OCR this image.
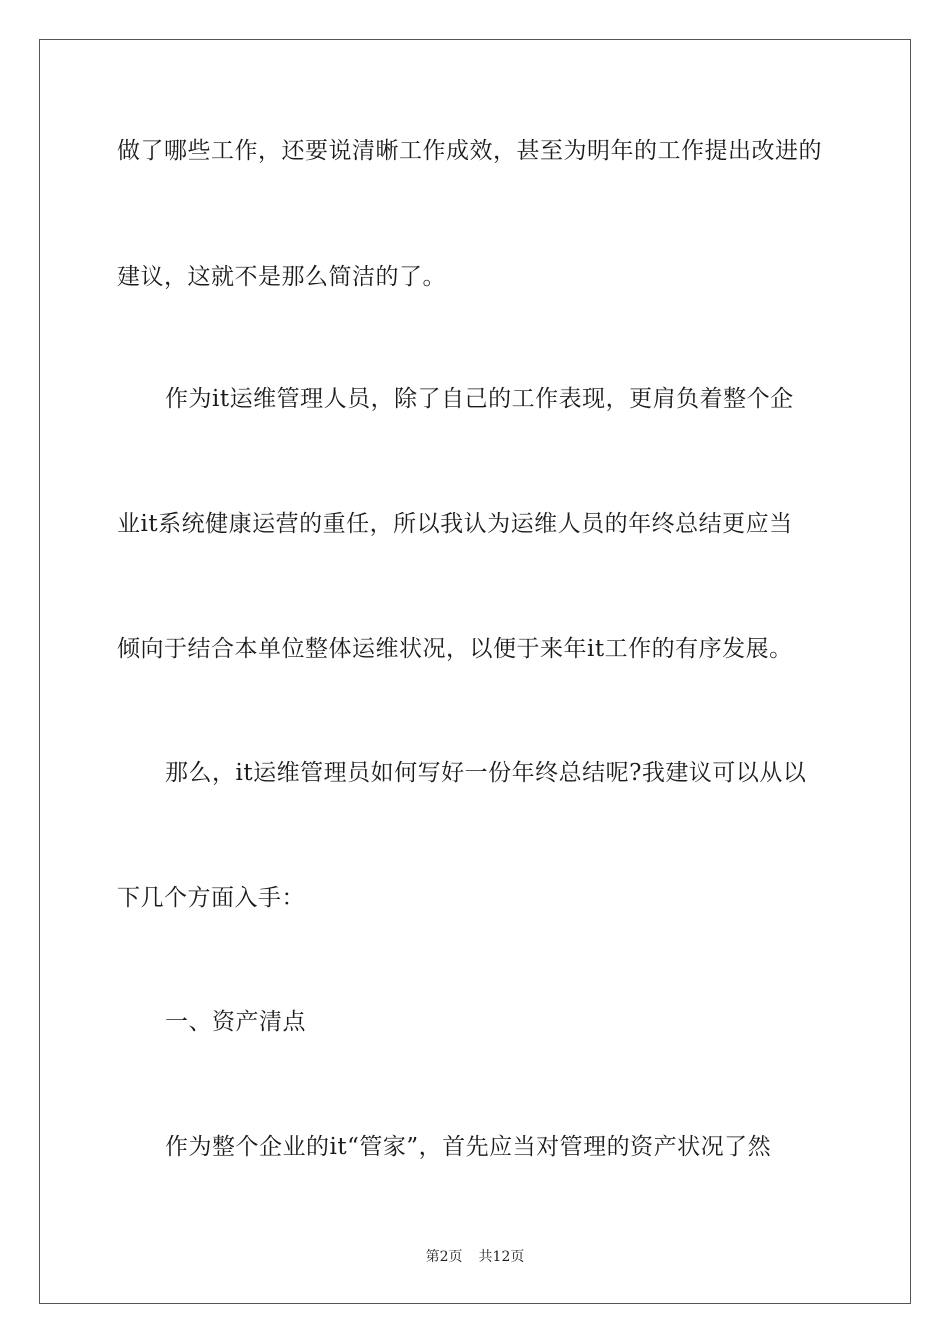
做了哪些工作，还要说清晰工作成效，甚至为明年的工作提出改进的
建议，这就不是那么简洁的了。
作为it运维管理人员，除了自己的工作表现，更肩负着整个企
业it系统健康运营的重任，所以我认为运维人员的年终总结更应当
倾向于结合本单位整体运维状况，以便于来年it工作的有序发展。
那么，it运维管理员如何写好一份年终总结呢?我建议可以从以
下几个方面入手：
一、资产清点
作为整个企业的it“管家”，首先应当对管理的资产状况了然
第2页 共12页
